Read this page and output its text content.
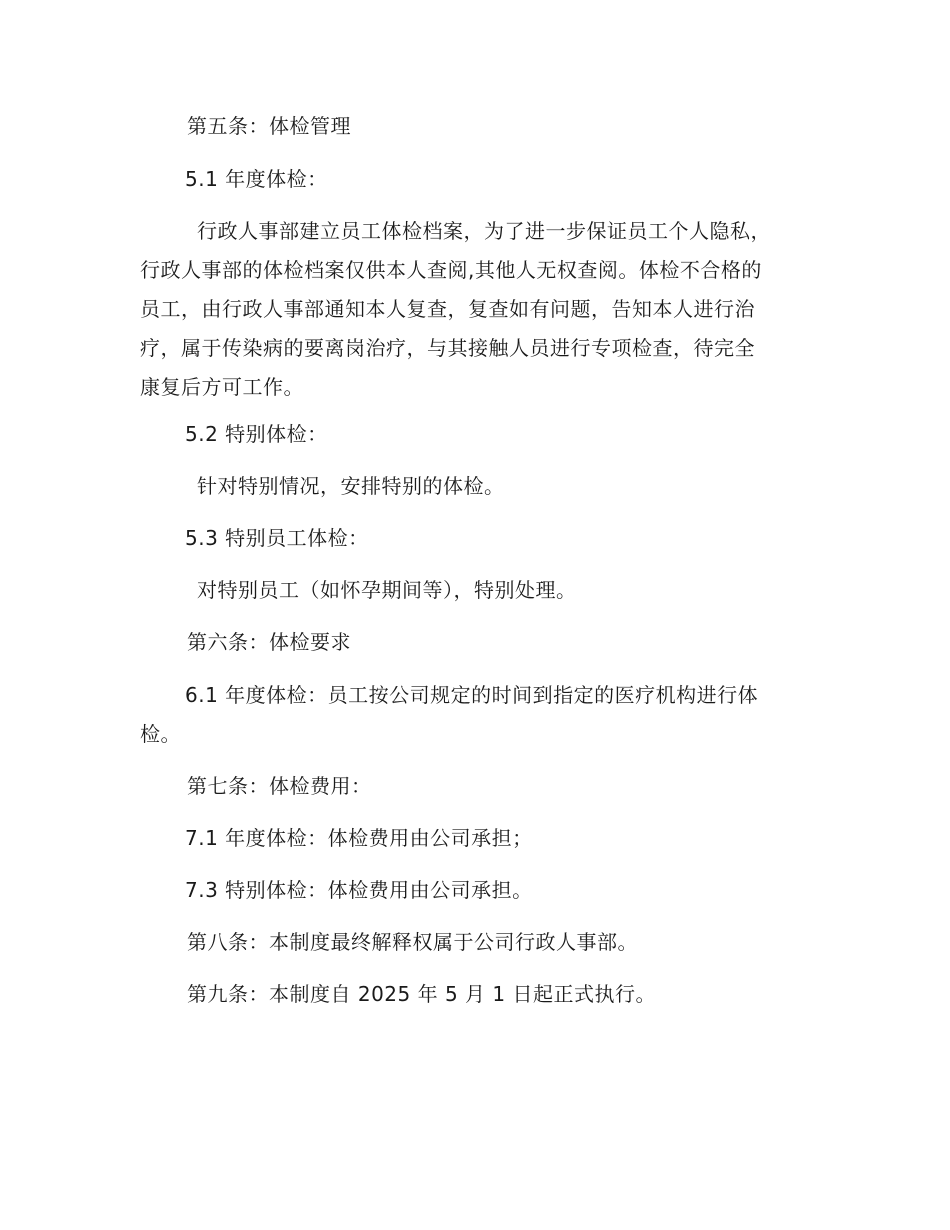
第五条：体检管理
5.1 年度体检：
行政人事部建立员工体检档案，为了进一步保证员工个人隐私，
行政人事部的体检档案仅供本人查阅,其他人无权查阅。体检不合格的
员工，由行政人事部通知本人复查，复查如有问题，告知本人进行治
疗，属于传染病的要离岗治疗，与其接触人员进行专项检查，待完全
康复后方可工作。
5.2 特别体检：
针对特别情况，安排特别的体检。
5.3 特别员工体检：
对特别员工（如怀孕期间等），特别处理。
第六条：体检要求
6.1 年度体检：员工按公司规定的时间到指定的医疗机构进行体
检。
第七条：体检费用：
7.1 年度体检：体检费用由公司承担；
7.3 特别体检：体检费用由公司承担。
第八条：本制度最终解释权属于公司行政人事部。
第九条：本制度自 2025 年 5 月 1 日起正式执行。
